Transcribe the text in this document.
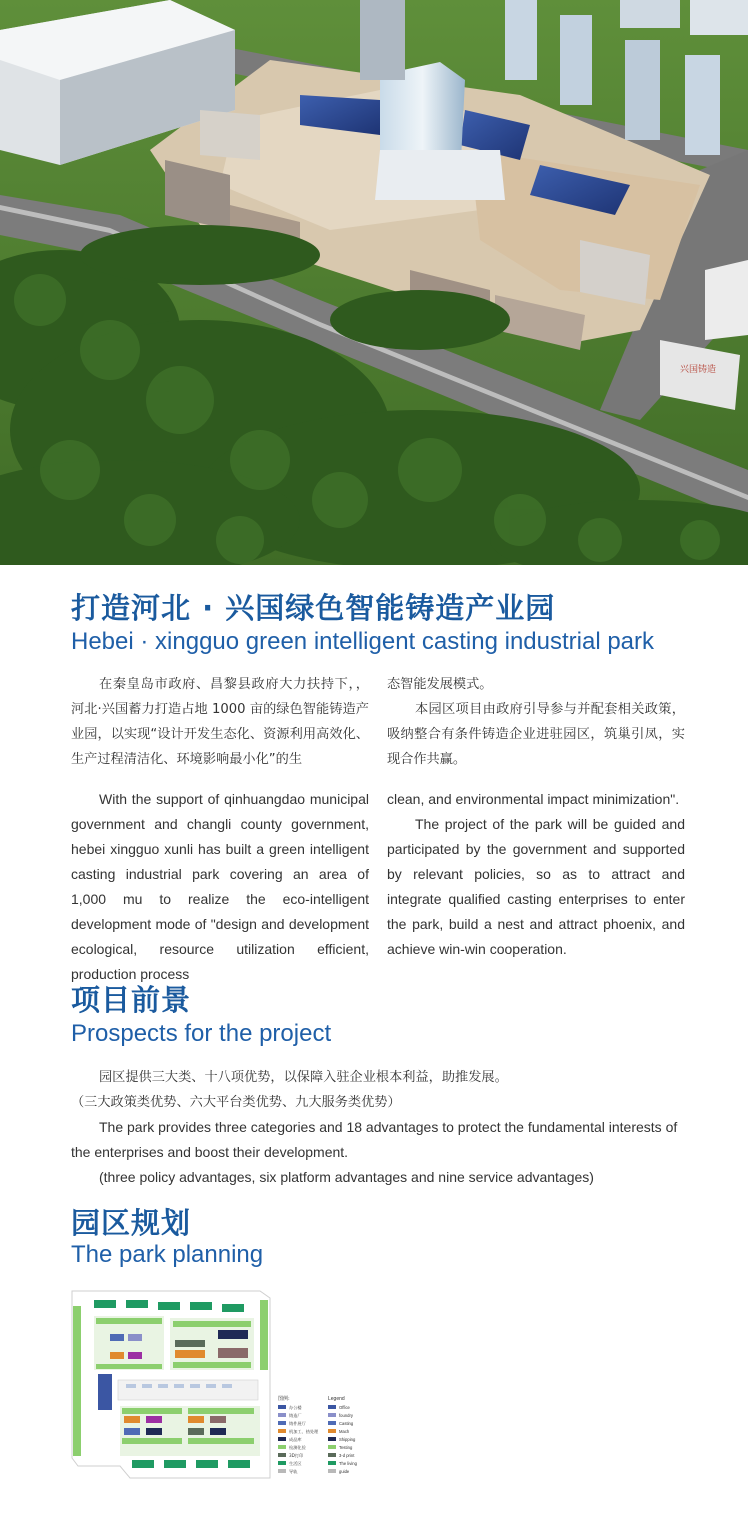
兴国铸造
打造河北 · 兴国绿色智能铸造产业园
Hebei · xingguo green intelligent casting industrial park

在秦皇岛市政府、昌黎县政府大力扶持下，，河北·兴国蓄力打造占地 1000 亩的绿色智能铸造产业园，以实现“设计开发生态化、资源利用高效化、生产过程清洁化、环境影响最小化”的生

态智能发展模式。

本园区项目由政府引导参与并配套相关政策，吸纳整合有条件铸造企业进驻园区，筑巢引凤，实现合作共赢。

With the support of qinhuangdao municipal government and changli county government, hebei xingguo xunli has built a green intelligent casting industrial park covering an area of 1,000 mu to realize the eco-intelligent development mode of "design and development ecological, resource utilization efficient, production process

clean, and environmental impact minimization".

The project of the park will be guided and participated by the government and supported by relevant policies, so as to attract and integrate qualified casting enterprises to enter the park, build a nest and attract phoenix, and achieve win-win cooperation.

项目前景
Prospects for the project

园区提供三大类、十八项优势，以保障入驻企业根本利益，助推发展。

（三大政策类优势、六大平台类优势、九大服务类优势）

The park provides three categories and 18 advantages to protect the fundamental interests of the enterprises and boost their development.

(three policy advantages, six platform advantages and nine service advantages)

园区规划
The park planning
图例:	Legend
办公楼	Office
铸造厂	foundry
铸件展厅	Casting
机加工、热处理	Mach
成品库	Shipping
检测化验	Testing
3D打印	3-d print
生活区	The living
导轨	guide
